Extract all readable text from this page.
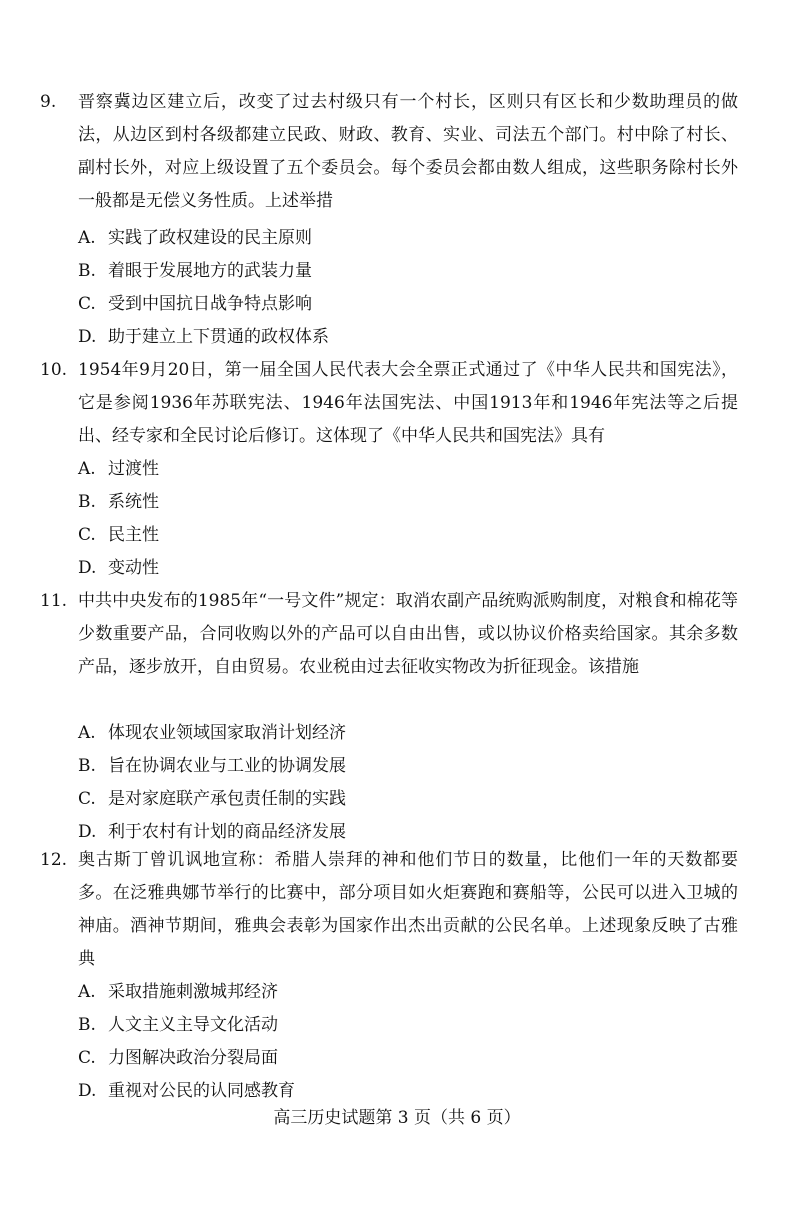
9. 晋察冀边区建立后，改变了过去村级只有一个村长，区则只有区长和少数助理员的做法，从边区到村各级都建立民政、财政、教育、实业、司法五个部门。村中除了村长、副村长外，对应上级设置了五个委员会。每个委员会都由数人组成，这些职务除村长外一般都是无偿义务性质。上述举措
A. 实践了政权建设的民主原则
B. 着眼于发展地方的武装力量
C. 受到中国抗日战争特点影响
D. 助于建立上下贯通的政权体系
10. 1954年9月20日，第一届全国人民代表大会全票正式通过了《中华人民共和国宪法》，它是参阅1936年苏联宪法、1946年法国宪法、中国1913年和1946年宪法等之后提出、经专家和全民讨论后修订。这体现了《中华人民共和国宪法》具有
A. 过渡性
B. 系统性
C. 民主性
D. 变动性
11. 中共中央发布的1985年“一号文件”规定：取消农副产品统购派购制度，对粮食和棉花等少数重要产品，合同收购以外的产品可以自由出售，或以协议价格卖给国家。其余多数产品，逐步放开，自由贸易。农业税由过去征收实物改为折征现金。该措施
A. 体现农业领域国家取消计划经济
B. 旨在协调农业与工业的协调发展
C. 是对家庭联产承包责任制的实践
D. 利于农村有计划的商品经济发展
12. 奥古斯丁曾讥讽地宣称：希腊人崇拜的神和他们节日的数量，比他们一年的天数都要多。在泛雅典娜节举行的比赛中，部分项目如火炬赛跑和赛船等，公民可以进入卫城的神庙。酒神节期间，雅典会表彰为国家作出杰出贡献的公民名单。上述现象反映了古雅典
A. 采取措施刺激城邦经济
B. 人文主义主导文化活动
C. 力图解决政治分裂局面
D. 重视对公民的认同感教育
高三历史试题第 3 页（共 6 页）
